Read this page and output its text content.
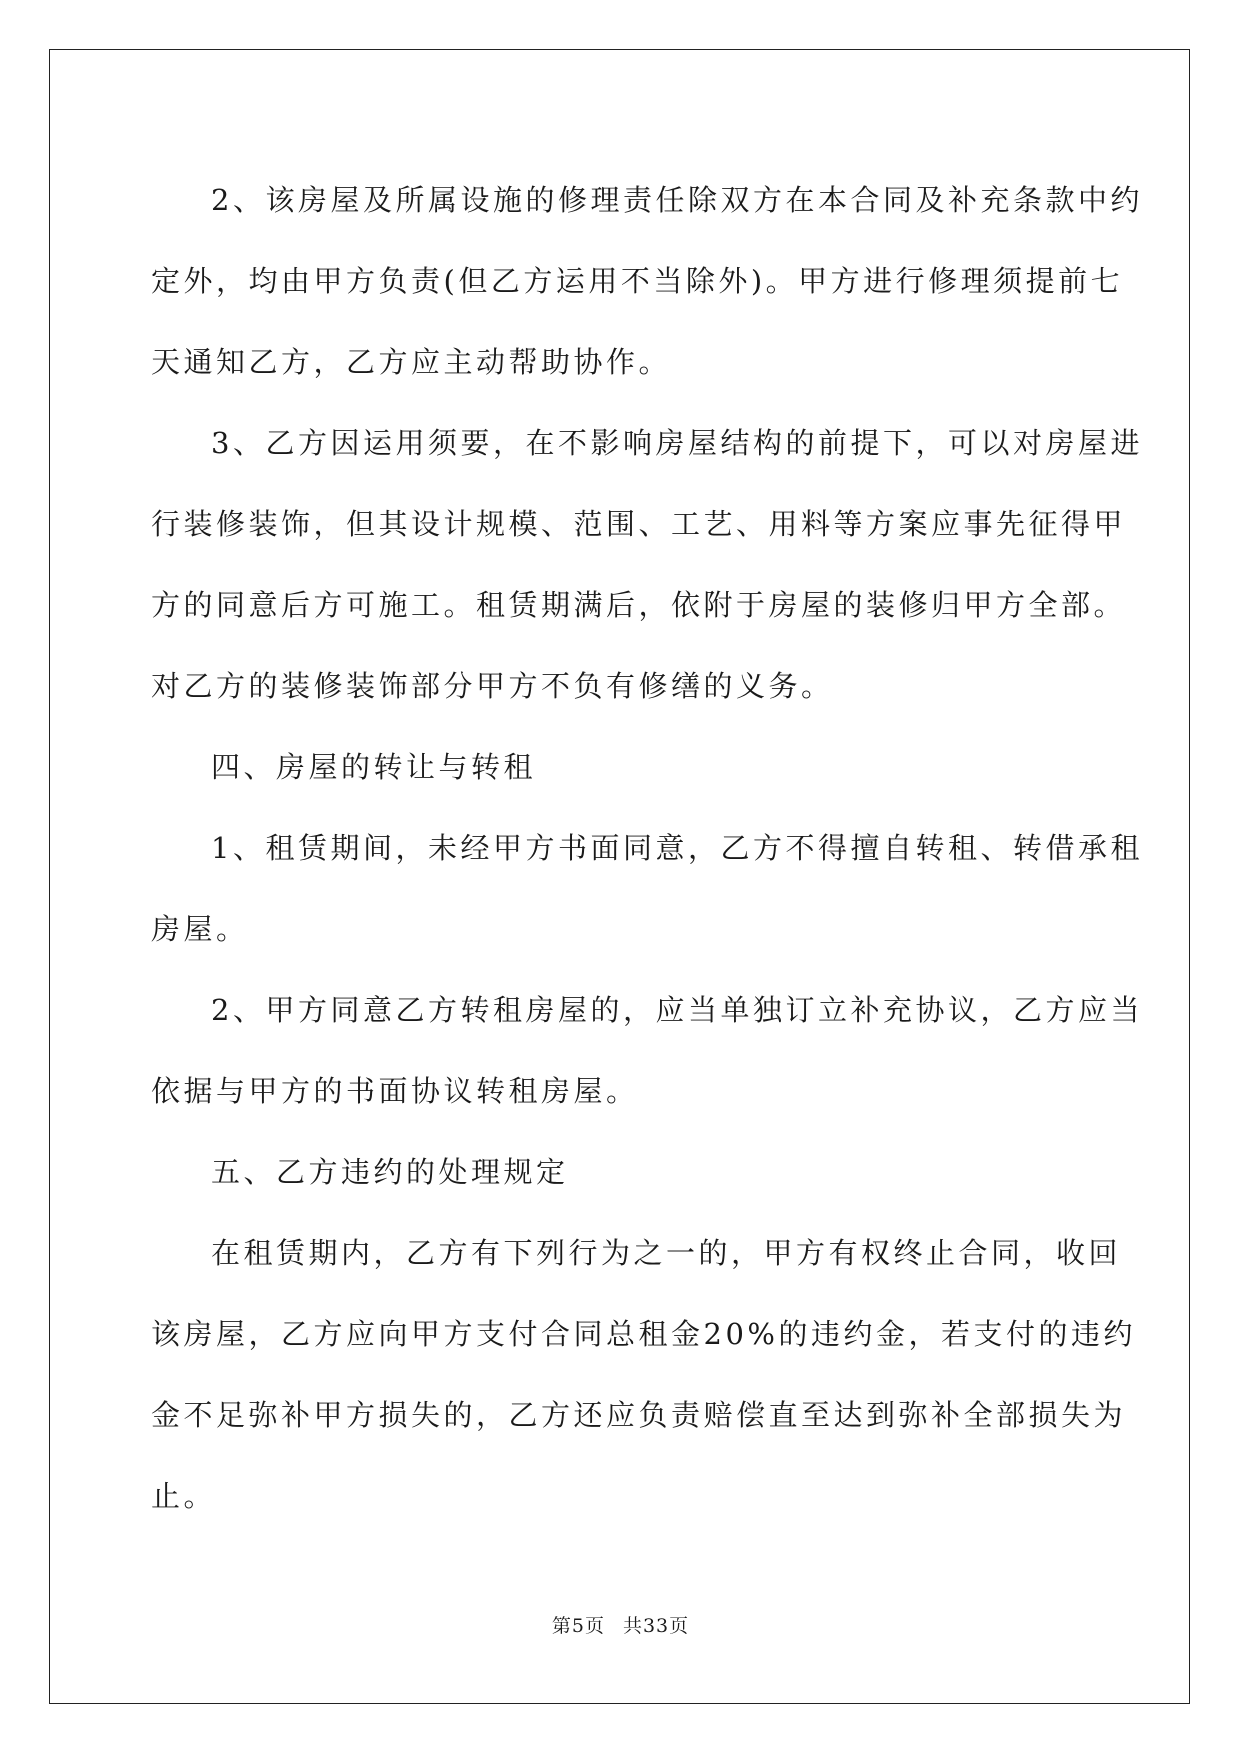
2、该房屋及所属设施的修理责任除双方在本合同及补充条款中约
定外，均由甲方负责(但乙方运用不当除外)。甲方进行修理须提前七
天通知乙方，乙方应主动帮助协作。
3、乙方因运用须要，在不影响房屋结构的前提下，可以对房屋进
行装修装饰，但其设计规模、范围、工艺、用料等方案应事先征得甲
方的同意后方可施工。租赁期满后，依附于房屋的装修归甲方全部。
对乙方的装修装饰部分甲方不负有修缮的义务。
四、房屋的转让与转租
1、租赁期间，未经甲方书面同意，乙方不得擅自转租、转借承租
房屋。
2、甲方同意乙方转租房屋的，应当单独订立补充协议，乙方应当
依据与甲方的书面协议转租房屋。
五、乙方违约的处理规定
在租赁期内，乙方有下列行为之一的，甲方有权终止合同，收回
该房屋，乙方应向甲方支付合同总租金20%的违约金，若支付的违约
金不足弥补甲方损失的，乙方还应负责赔偿直至达到弥补全部损失为
止。
第5页 共33页
